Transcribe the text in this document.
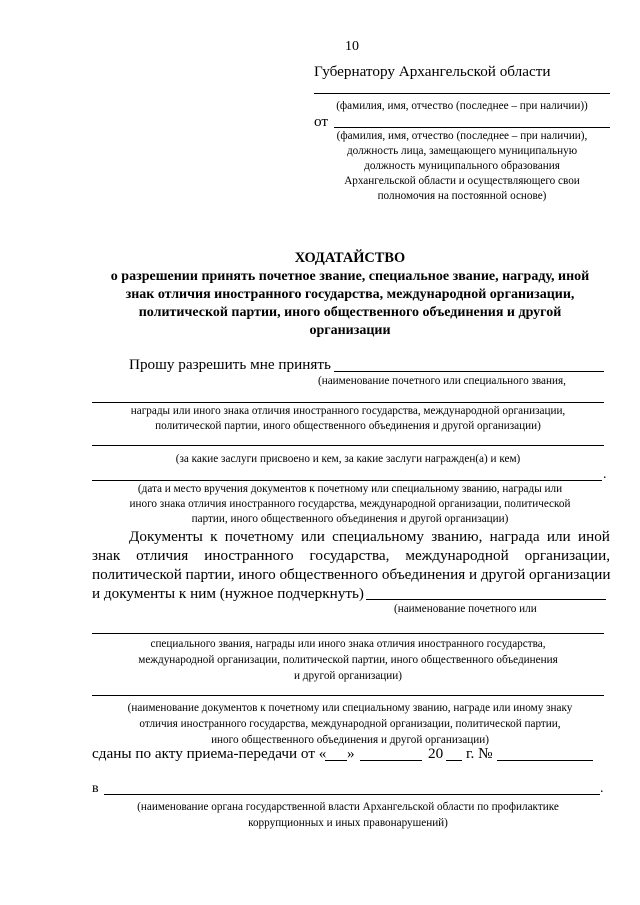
10
Губернатору Архангельской области
(фамилия, имя, отчество (последнее – при наличии))
от
(фамилия, имя, отчество (последнее – при наличии),
должность лица, замещающего муниципальную
должность муниципального образования
Архангельской области и осуществляющего свои
полномочия на постоянной основе)
ХОДАТАЙСТВО
о разрешении принять почетное звание, специальное звание, награду, иной
знак отличия иностранного государства, международной организации,
политической партии, иного общественного объединения и другой
организации
Прошу разрешить мне принять
(наименование почетного или специального звания,
награды или иного знака отличия иностранного государства, международной организации,
политической партии, иного общественного объединения и другой организации)
(за какие заслуги присвоено и кем, за какие заслуги награжден(а) и кем)
.
(дата и место вручения документов к почетному или специальному званию, награды или
иного знака отличия иностранного государства, международной организации, политической
партии, иного общественного объединения и другой организации)
Документы к почетному или специальному званию, награда или иной
знак отличия иностранного государства, международной организации,
политической партии, иного общественного объединения и другой организации
и документы к ним (нужное подчеркнуть)
(наименование почетного или
специального звания, награды или иного знака отличия иностранного государства,
международной организации, политической партии, иного общественного объединения
и другой организации)
(наименование документов к почетному или специальному званию, награде или иному знаку
отличия иностранного государства, международной организации, политической партии,
иного общественного объединения и другой организации)
сданы по акту приема-передачи от « »	20 г. №
в	.
(наименование органа государственной власти Архангельской области по профилактике
коррупционных и иных правонарушений)
